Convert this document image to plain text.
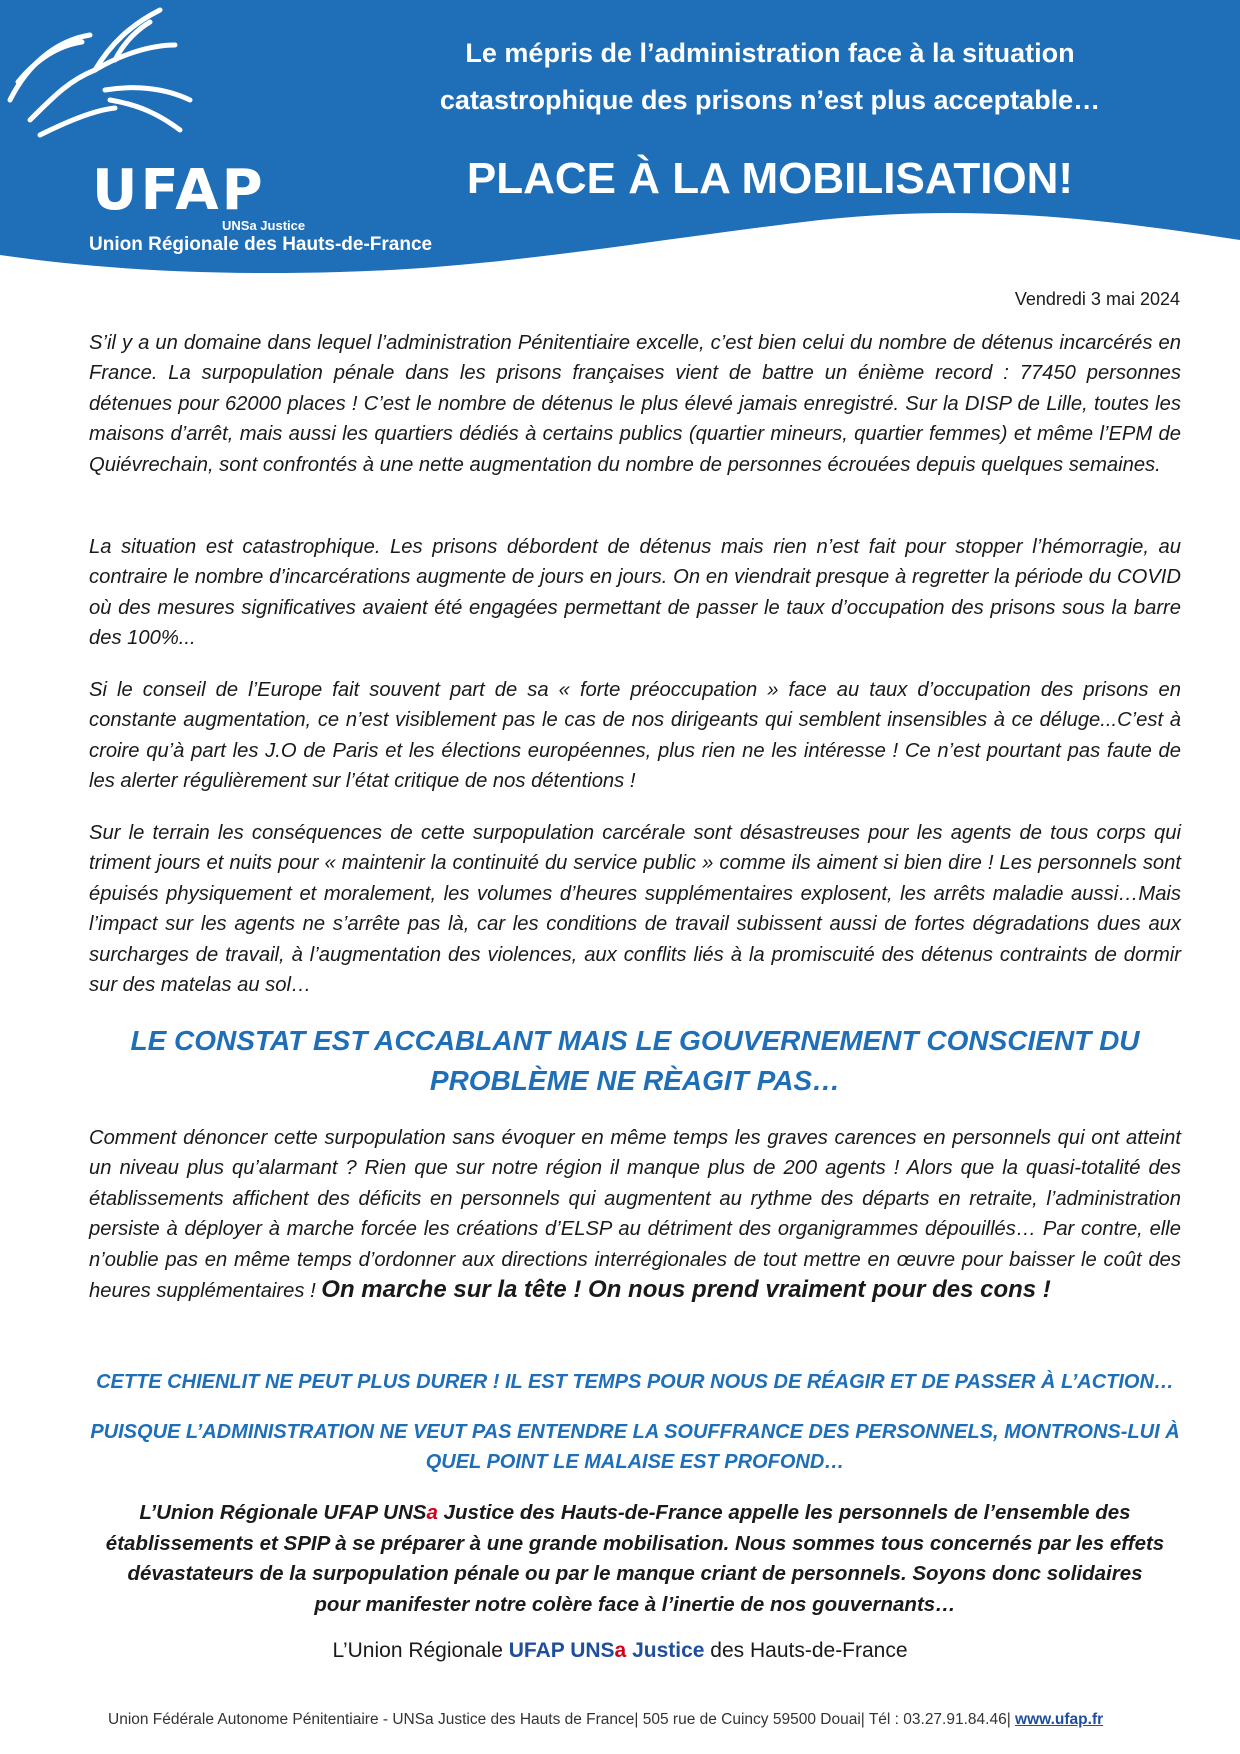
UFAP
UNSa Justice
Union Régionale des Hauts-de-France
Le mépris de l’administration face à la situation
catastrophique des prisons n’est plus acceptable…
PLACE À LA MOBILISATION!
Vendredi 3 mai 2024

S’il y a un domaine dans lequel l’administration Pénitentiaire excelle, c’est bien celui du nombre de détenus incarcérés en France. La surpopulation pénale dans les prisons françaises vient de battre un énième record : 77450 personnes détenues pour 62000 places ! C’est le nombre de détenus le plus élevé jamais enregistré. Sur la DISP de Lille, toutes les maisons d’arrêt, mais aussi les quartiers dédiés à certains publics (quartier mineurs, quartier femmes) et même l’EPM de Quiévrechain, sont confrontés à une nette augmentation du nombre de personnes écrouées depuis quelques semaines.

La situation est catastrophique. Les prisons débordent de détenus mais rien n’est fait pour stopper l’hémorragie, au contraire le nombre d’incarcérations augmente de jours en jours. On en viendrait presque à regretter la période du COVID où des mesures significatives avaient été engagées permettant de passer le taux d’occupation des prisons sous la barre des 100%...

Si le conseil de l’Europe fait souvent part de sa « forte préoccupation » face au taux d’occupation des prisons en constante augmentation, ce n’est visiblement pas le cas de nos dirigeants qui semblent insensibles à ce déluge...C’est à croire qu’à part les J.O de Paris et les élections européennes, plus rien ne les intéresse ! Ce n’est pourtant pas faute de les alerter régulièrement sur l’état critique de nos détentions !

Sur le terrain les conséquences de cette surpopulation carcérale sont désastreuses pour les agents de tous corps qui triment jours et nuits pour « maintenir la continuité du service public » comme ils aiment si bien dire ! Les personnels sont épuisés physiquement et moralement, les volumes d’heures supplémentaires explosent, les arrêts maladie aussi…Mais l’impact sur les agents ne s’arrête pas là, car les conditions de travail subissent aussi de fortes dégradations dues aux surcharges de travail, à l’augmentation des violences, aux conflits liés à la promiscuité des détenus contraints de dormir sur des matelas au sol…

LE CONSTAT EST ACCABLANT MAIS LE GOUVERNEMENT CONSCIENT DU PROBLÈME NE RÈAGIT PAS…

Comment dénoncer cette surpopulation sans évoquer en même temps les graves carences en personnels qui ont atteint un niveau plus qu’alarmant ? Rien que sur notre région il manque plus de 200 agents ! Alors que la quasi-totalité des établissements affichent des déficits en personnels qui augmentent au rythme des départs en retraite, l’administration persiste à déployer à marche forcée les créations d’ELSP au détriment des organigrammes dépouillés… Par contre, elle n’oublie pas en même temps d’ordonner aux directions interrégionales de tout mettre en œuvre pour baisser le coût des heures supplémentaires ! On marche sur la tête ! On nous prend vraiment pour des cons !

CETTE CHIENLIT NE PEUT PLUS DURER ! IL EST TEMPS POUR NOUS DE RÉAGIR ET DE PASSER À L’ACTION…
PUISQUE L’ADMINISTRATION NE VEUT PAS ENTENDRE LA SOUFFRANCE DES PERSONNELS, MONTRONS-LUI À QUEL POINT LE MALAISE EST PROFOND…
L’Union Régionale UFAP UNSa Justice des Hauts-de-France appelle les personnels de l’ensemble des établissements et SPIP à se préparer à une grande mobilisation. Nous sommes tous concernés par les effets dévastateurs de la surpopulation pénale ou par le manque criant de personnels. Soyons donc solidaires pour manifester notre colère face à l’inertie de nos gouvernants…
L’Union Régionale UFAP UNSa Justice des Hauts-de-France
Union Fédérale Autonome Pénitentiaire - UNSa Justice des Hauts de France| 505 rue de Cuincy 59500 Douai| Tél : 03.27.91.84.46| www.ufap.fr
